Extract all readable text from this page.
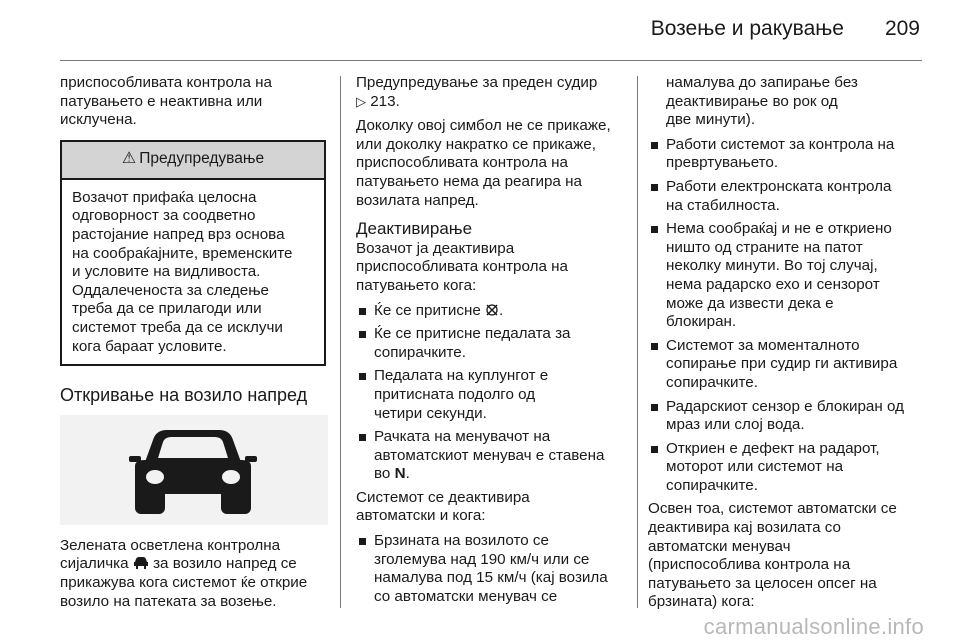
Возење и ракување 209

приспособливата контрола на
патувањето е неактивна или
исклучена.

⚠ Предупредување
Возачот прифаќа целосна
одговорност за соодветно
растојание напред врз основа
на сообраќајните, временските
и условите на видливоста.
Оддалеченоста за следење
треба да се прилагоди или
системот треба да се исклучи
кога бараат условите.
Откривање на возило напред

Зелената осветлена контролна
сијаличка за возило напред се
прикажува кога системот ќе открие
возило на патеката за возење.

Предупредување за преден судир
▷ 213.

Доколку овој симбол не се прикаже,
или доколку накратко се прикаже,
приспособливата контрола на
патувањето нема да реагира на
возилата напред.

Деактивирање

Возачот ја деактивира
приспособливата контрола на
патувањето кога:

Ќе се притисне .
Ќе се притисне педалата за
сопирачките.
Педалата на куплунгот е
притисната подолго од
четири секунди.
Рачката на менувачот на
автоматскиот менувач е ставена
во N.

Системот се деактивира
автоматски и кога:

Брзината на возилото се
зголемува над 190 км/ч или се
намалува под 15 км/ч (кај возила
со автоматски менувач се

намалува до запирање без
деактивирање во рок од
две минути).

Работи системот за контрола на
превртувањето.
Работи електронската контрола
на стабилноста.
Нема сообраќај и не е откриено
ништо од страните на патот
неколку минути. Во тој случај,
нема радарско ехо и сензорот
може да извести дека е
блокиран.
Системот за моменталното
сопирање при судир ги активира
сопирачките.
Радарскиот сензор е блокиран од
мраз или слој вода.
Откриен е дефект на радарот,
моторот или системот на
сопирачките.

Освен тоа, системот автоматски се
деактивира кај возилата со
автоматски менувач
(приспособлива контрола на
патувањето за целосен опсег на
брзината) кога:

carmanualsonline.info
